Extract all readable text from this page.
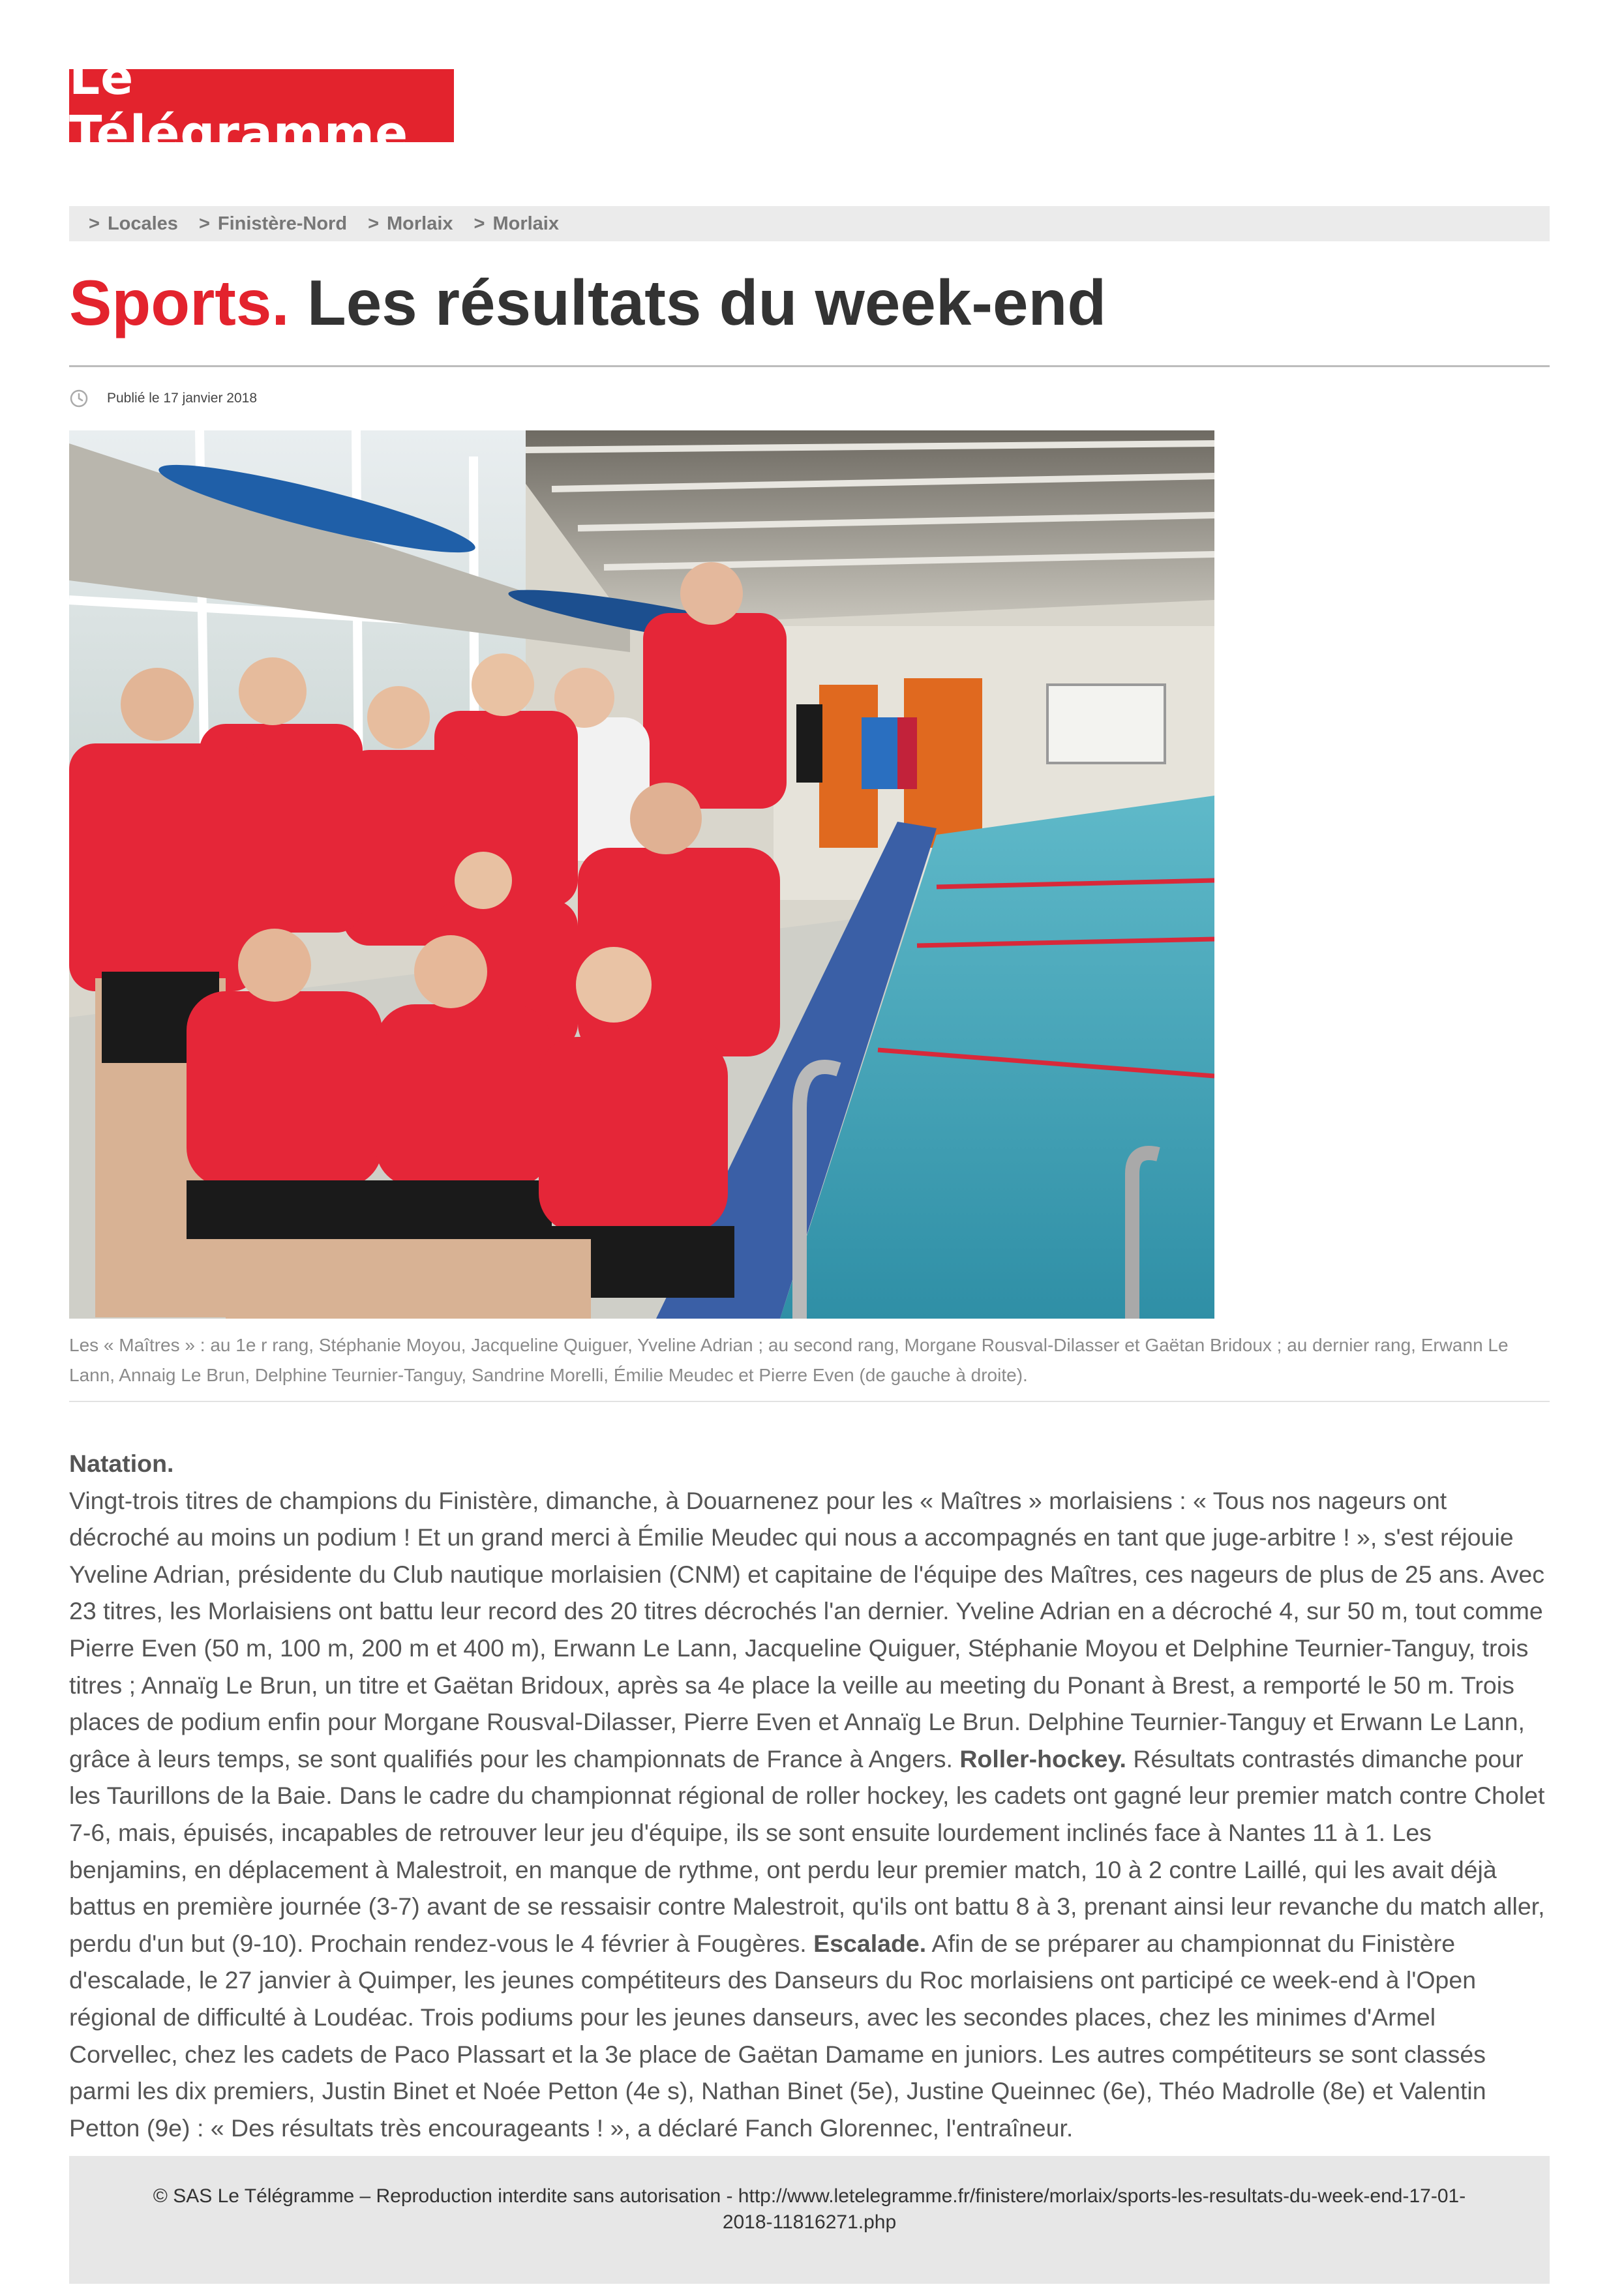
Le Télégramme
> Locales > Finistère-Nord > Morlaix > Morlaix
Sports. Les résultats du week-end
Publié le 17 janvier 2018
Les « Maîtres » : au 1e r rang, Stéphanie Moyou, Jacqueline Quiguer, Yveline Adrian ; au second rang, Morgane Rousval-Dilasser et Gaëtan Bridoux ; au dernier rang, Erwann Le Lann, Annaig Le Brun, Delphine Teurnier-Tanguy, Sandrine Morelli, Émilie Meudec et Pierre Even (de gauche à droite).
Natation.
Vingt-trois titres de champions du Finistère, dimanche, à Douarnenez pour les « Maîtres » morlaisiens : « Tous nos nageurs ont décroché au moins un podium ! Et un grand merci à Émilie Meudec qui nous a accompagnés en tant que juge-arbitre ! », s'est réjouie Yveline Adrian, présidente du Club nautique morlaisien (CNM) et capitaine de l'équipe des Maîtres, ces nageurs de plus de 25 ans. Avec 23 titres, les Morlaisiens ont battu leur record des 20 titres décrochés l'an dernier. Yveline Adrian en a décroché 4, sur 50 m, tout comme Pierre Even (50 m, 100 m, 200 m et 400 m), Erwann Le Lann, Jacqueline Quiguer, Stéphanie Moyou et Delphine Teurnier-Tanguy, trois titres ; Annaïg Le Brun, un titre et Gaëtan Bridoux, après sa 4e place la veille au meeting du Ponant à Brest, a remporté le 50 m. Trois places de podium enfin pour Morgane Rousval-Dilasser, Pierre Even et Annaïg Le Brun. Delphine Teurnier-Tanguy et Erwann Le Lann, grâce à leurs temps, se sont qualifiés pour les championnats de France à Angers. Roller-hockey. Résultats contrastés dimanche pour les Taurillons de la Baie. Dans le cadre du championnat régional de roller hockey, les cadets ont gagné leur premier match contre Cholet 7-6, mais, épuisés, incapables de retrouver leur jeu d'équipe, ils se sont ensuite lourdement inclinés face à Nantes 11 à 1. Les benjamins, en déplacement à Malestroit, en manque de rythme, ont perdu leur premier match, 10 à 2 contre Laillé, qui les avait déjà battus en première journée (3-7) avant de se ressaisir contre Malestroit, qu'ils ont battu 8 à 3, prenant ainsi leur revanche du match aller, perdu d'un but (9-10). Prochain rendez-vous le 4 février à Fougères. Escalade. Afin de se préparer au championnat du Finistère d'escalade, le 27 janvier à Quimper, les jeunes compétiteurs des Danseurs du Roc morlaisiens ont participé ce week-end à l'Open régional de difficulté à Loudéac. Trois podiums pour les jeunes danseurs, avec les secondes places, chez les minimes d'Armel Corvellec, chez les cadets de Paco Plassart et la 3e place de Gaëtan Damame en juniors. Les autres compétiteurs se sont classés parmi les dix premiers, Justin Binet et Noée Petton (4e s), Nathan Binet (5e), Justine Queinnec (6e), Théo Madrolle (8e) et Valentin Petton (9e) : « Des résultats très encourageants ! », a déclaré Fanch Glorennec, l'entraîneur.

© SAS Le Télégramme – Reproduction interdite sans autorisation - http://www.letelegramme.fr/finistere/morlaix/sports-les-resultats-du-week-end-17-01-2018-11816271.php
